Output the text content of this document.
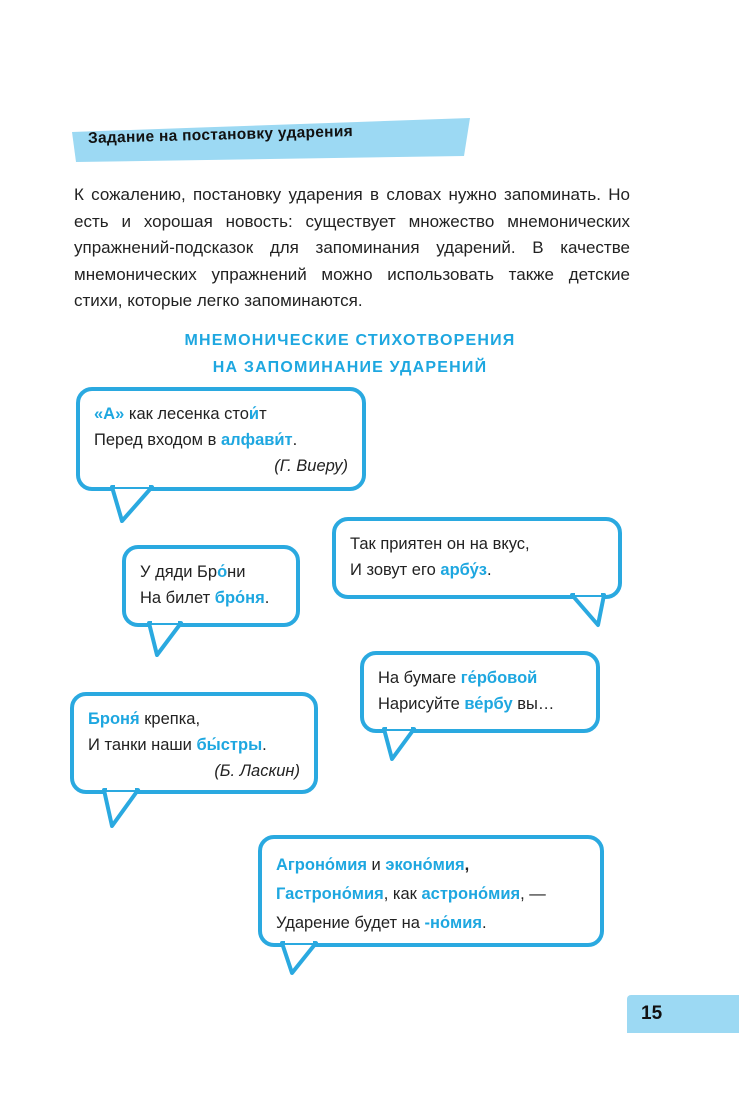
Задание на постановку ударения
К сожалению, постановку ударения в словах нужно запоминать. Но есть и хорошая новость: существует множество мнемонических упражнений-подсказок для запоминания ударений. В качестве мнемонических упражнений можно использовать также детские стихи, которые легко запоминаются.
МНЕМОНИЧЕСКИЕ СТИХОТВОРЕНИЯ
НА ЗАПОМИНАНИЕ УДАРЕНИЙ
«А» как лесенка стои́т
Перед входом в алфави́т.
(Г. Виеру)
У дяди Бро́ни
На билет бро́ня.
Так приятен он на вкус,
И зовут его арбу́з.
На бумаге ге́рбовой
Нарисуйте ве́рбу вы…
Броня́ крепка,
И танки наши бы́стры.
(Б. Ласкин)
Агроно́мия и эконо́мия,
Гастроно́мия, как астроно́мия, —
Ударение будет на -но́мия.
15
